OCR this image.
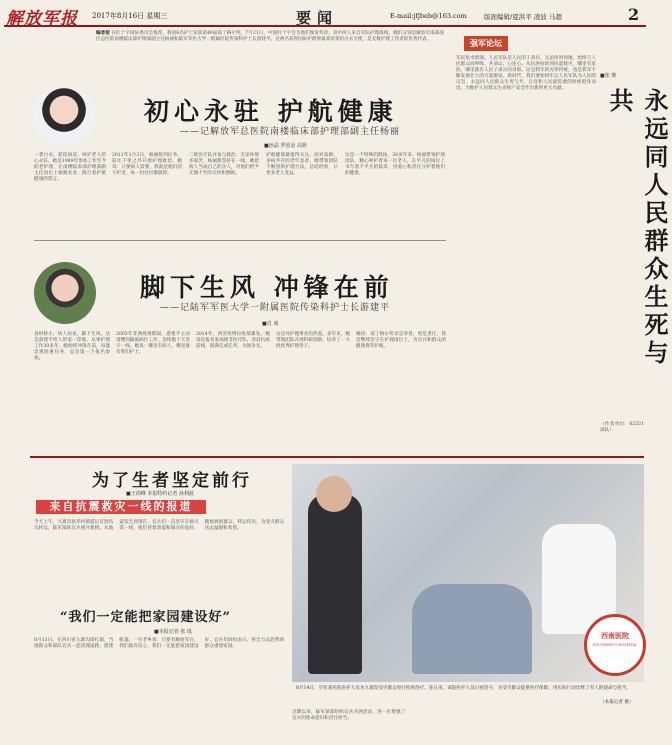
解放军报 2017年8月16日 星期三	要闻	E-mail:jfjbeb@163.com	版面编辑/夏洪平 凌波 马超	2
编者按 在红十字国际委员会推荐，我国6名护士荣获第46届南丁格尔奖。7月21日，中国红十字会为他们颁发奖章。其中两人来自军队护理战线，她们分别是解放军南部战区总医院南楼临床部护理部副主任杨丽和陆军军医大学一附属医院传染科护士长游建平。这两名获得国际护理界最高荣誉的白衣天使，是无数护理工作者的优秀代表。
初心永驻 护航健康
——记解放军总医院南楼临床部护理部副主任杨丽
■孙晶 罗国金 高娱
一袭白衣，轮巡病床，呵护老人的心永驻。她是1989年参加工作至今的老护理，在南楼临床部护理部副主任岗位上兢兢业业，践行着护航健康的誓言。
2011年1月3日，杨丽接到任务，前往千里之外开展护理救治。她说：只要病人需要，我就是他们的守护者，每一份付出都值得。
二批医疗队并参与救治，无论环境多艰苦，杨丽都坚持在一线。她把病人当成自己的亲人，对他们给予无微不至的关怀和照顾。
护航健康最值得关注。面对高龄、多病共存的老年患者，她带领团队不断创新护理方法，总结经验，让更多老人受益。
这是一个特殊的群体。30多年来，杨丽带领护理团队，精心呵护着每一位老人，在平凡的岗位上书写着不平凡的篇章，用爱心和责任守护着他们的健康。
脚下生风 冲锋在前
——记陆军军医大学一附属医院传染科护士长游建平
■肖 成
身材娇小，快人快语，脚下生风。这是游建平给人的第一印象。从事护理工作30多年，她始终冲锋在前，每逢急难险重任务，总是第一个报名参加。
2003年非典疫情期间，游建平主动请缨到隔离病区工作，连续数十天坚守一线。她说：哪里有病人，哪里就有我们护士。
2014年，西非埃博拉疫情暴发，她再次报名参加援非医疗队，奔赴抗疫前线，圆满完成任务，为国争光。
这是对护理事业的热爱。多年来，她带领团队开展科研创新，培养了一大批优秀护理骨干。
她说：南丁格尔奖章是荣誉，更是责任，我会继续坚守在护理岗位上，为官兵和群众的健康保驾护航。
强军论坛
■张 继
永远同人民群众生死与共
军民鱼水情深。人民军队是人民的子弟兵，无论何时何地，始终与人民群众同呼吸、共命运、心连心。从抗洪抢险到抗震救灾，哪里有危险，哪里就有人民子弟兵的身影。这是我军的光荣传统，也是我军不断发展壮大的力量源泉。新时代，我们要始终牢记人民军队为人民的宗旨，永远同人民群众生死与共，在党和人民最需要的时候挺身而出，为维护人民群众生命财产安全作出新的更大贡献。
（作者单位：62321部队）
为了生者坚定前行
■王尚峰 本报特约记者 孙利波
来自抗震救灾一线的报道
今天上午，九寨沟县华村镇震后首批伤员转运，陆军部队官兵展开救援。从地震发生到现在，官兵们一直坚守在救灾第一线，他们冒着余震和塌方的危险，搜救被困群众，转运伤员，为受灾群众送去温暖和希望。
“我们一定能把家园建设好”
■本报记者 张 成
8月11日，在四川省九寨沟漳扎镇，当地群众和部队官兵一起清理道路，搭建帐篷。一位老乡说：只要有解放军在，我们就有信心，我们一定能把家园建设好。官兵们纷纷表示，将全力以赴帮助群众重建家园。
西南医院
SOUTHWEST HOSPITAL
8月14日，空军某医院医护人员为九寨沟受灾群众进行检查治疗。连日来，该院医护人员日夜坚守，为受灾群众提供医疗保障，用实际行动诠释了军人的使命与担当。
（本报记者 摄）
近期以来，陆军某部组织官兵开展活动，进一步增强了官兵的使命意识和责任担当。
